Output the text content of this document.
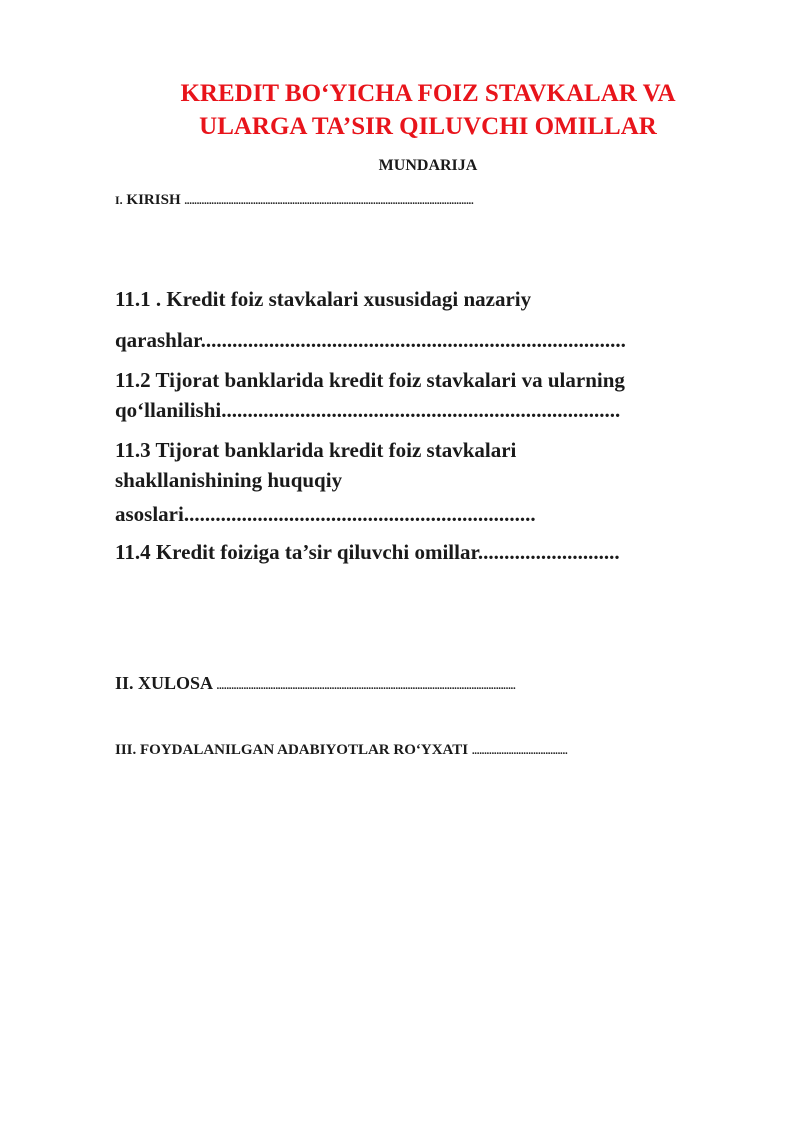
KREDIT BO‘YICHA FOIZ STAVKALAR VA
ULARGA TA’SIR QILUVCHI OMILLAR
MUNDARIJA
I. KIRISH ......................................................................................................................
11.1 . Kredit foiz stavkalari xususidagi nazariy
qarashlar.................................................................................
11.2 Tijorat banklarida kredit foiz stavkalari va ularning
qo‘llanilishi............................................................................
11.3 Tijorat banklarida kredit foiz stavkalari
shakllanishining huquqiy
asoslari...................................................................
11.4 Kredit foiziga ta’sir qiluvchi omillar...........................
II. XULOSA ..........................................................................................................................
III. FOYDALANILGAN ADABIYOTLAR RO‘YXATI .......................................
